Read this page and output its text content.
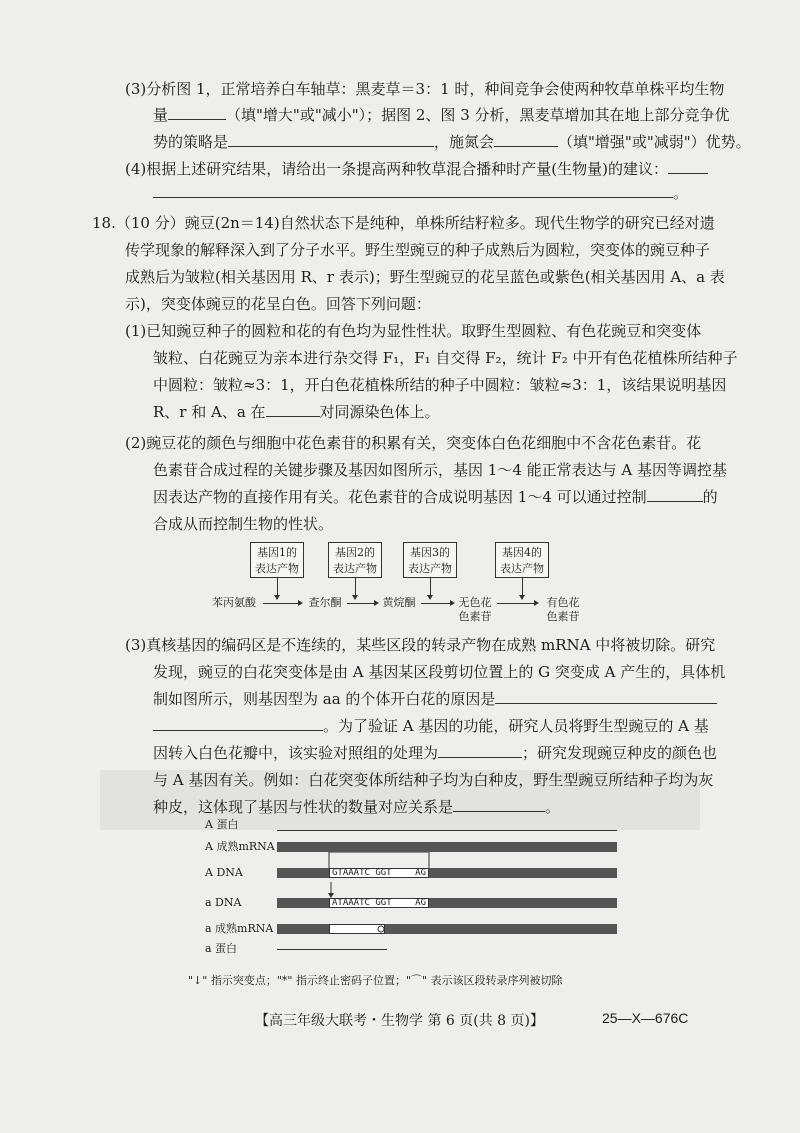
(3)分析图 1，正常培养白车轴草：黑麦草＝3：1 时，种间竞争会使两种牧草单株平均生物
量	（填"增大"或"减小"）；据图 2、图 3 分析，黑麦草增加其在地上部分竞争优
势的策略是	，施氮会	（填"增强"或"减弱"）优势。
(4)根据上述研究结果，请给出一条提高两种牧草混合播种时产量(生物量)的建议：
。
18.（10 分）豌豆(2n＝14)自然状态下是纯种，单株所结籽粒多。现代生物学的研究已经对遗
传学现象的解释深入到了分子水平。野生型豌豆的种子成熟后为圆粒，突变体的豌豆种子
成熟后为皱粒(相关基因用 R、r 表示)；野生型豌豆的花呈蓝色或紫色(相关基因用 A、a 表
示)，突变体豌豆的花呈白色。回答下列问题：
(1)已知豌豆种子的圆粒和花的有色均为显性性状。取野生型圆粒、有色花豌豆和突变体
皱粒、白花豌豆为亲本进行杂交得 F₁，F₁ 自交得 F₂，统计 F₂ 中开有色花植株所结种子
中圆粒：皱粒≈3：1，开白色花植株所结的种子中圆粒：皱粒≈3：1，该结果说明基因
R、r 和 A、a 在	对同源染色体上。
(2)豌豆花的颜色与细胞中花色素苷的积累有关，突变体白色花细胞中不含花色素苷。花
色素苷合成过程的关键步骤及基因如图所示，基因 1～4 能正常表达与 A 基因等调控基
因表达产物的直接作用有关。花色素苷的合成说明基因 1～4 可以通过控制	的
合成从而控制生物的性状。
基因1的
表达产物
基因2的
表达产物
基因3的
表达产物
基因4的
表达产物
苯丙氨酸	查尔酮	黄烷酮	无色花
色素苷
有色花
色素苷
(3)真核基因的编码区是不连续的，某些区段的转录产物在成熟 mRNA 中将被切除。研究
发现，豌豆的白花突变体是由 A 基因某区段剪切位置上的 G 突变成 A 产生的，具体机
制如图所示，则基因型为 aa 的个体开白花的原因是
。为了验证 A 基因的功能，研究人员将野生型豌豆的 A 基
因转入白色花瓣中，该实验对照组的处理为	；研究发现豌豆种皮的颜色也
与 A 基因有关。例如：白花突变体所结种子均为白种皮，野生型豌豆所结种子均为灰
种皮，这体现了基因与性状的数量对应关系是	。
A 蛋白
A 成熟mRNA
A DNA	GTAAATC GGT	AG
a DNA	ATAAATC GGT	AG
a 成熟mRNA
a 蛋白
"↓" 指示突变点；"*" 指示终止密码子位置；"⌒" 表示该区段转录序列被切除
【高三年级大联考・生物学 第 6 页(共 8 页)】	25—X—676C
